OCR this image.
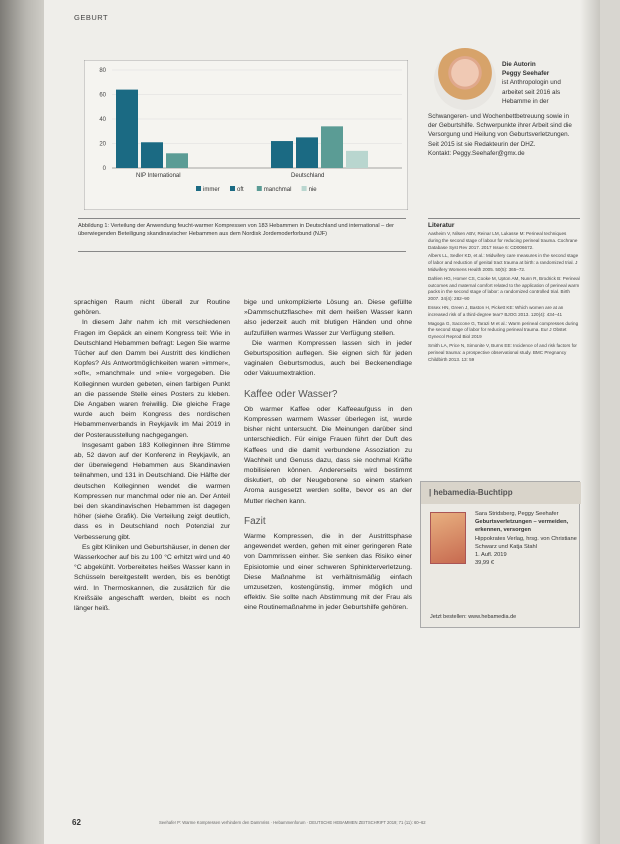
GEBURT
0
20
40
60
80
NIP International	Deutschland
immer	oft	manchmal	nie
Abbildung 1: Verteilung der Anwendung feucht-warmer Kompressen von 183 Hebammen in Deutschland und international – der überwiegenden Beteiligung skandinavischer Hebammen aus dem Nordisk Jordemoderforbund (NJF)
Die Autorin
Peggy Seehafer
ist Anthropologin und arbeitet seit 2016 als Hebamme in der
Schwangeren- und Wochenbettbetreuung sowie in der Geburtshilfe. Schwerpunkte ihrer Arbeit sind die Versorgung und Heilung von Geburtsverletzungen. Seit 2015 ist sie Redakteurin der DHZ.
Kontakt: Peggy.Seehafer@gmx.de
Literatur

Aasheim V, Nilsen ABV, Reinar LM, Lukasse M: Perineal techniques during the second stage of labour for reducing perineal trauma. Cochrane Database Syst Rev 2017. 2017 Issue 6: CD006672.

Albers LL, Sedler KD, et al.: Midwifery care measures in the second stage of labor and reduction of genital tract trauma at birth: a randomized trial. J Midwifery Womens Health 2005. 50(5): 365–72.

Dahlen HG, Homer CS, Cooke M, Upton AM, Nunn R, Brodrick B: Perineal outcomes and maternal comfort related to the application of perineal warm packs in the second stage of labor: a randomized controlled trial. Birth 2007. 34(4): 282–90

Essex HN, Green J, Baston H, Pickett KE: Which women are at an increased risk of a third-degree tear? BJOG 2013. 120(4): 434–41

Magoga G, Saccone G, Tarazi M et al.: Warm perineal compresses during the second stage of labor for reducing perineal trauma. Eur J Obstet Gynecol Reprod Biol 2019

Smith LA, Price N, Simonite V, Burns EE: Incidence of and risk factors for perineal trauma: a prospective observational study. BMC Pregnancy Childbirth 2013. 13: 59

| hebamedia-Buchtipp
Sara Stridsberg, Peggy Seehafer
Geburtsverletzungen – vermeiden, erkennen, versorgen
Hippokrates Verlag, hrsg. von Christiane Schwarz und Katja Stahl
1. Aufl. 2019
39,99 €
Jetzt bestellen: www.hebamedia.de

sprachigen Raum nicht überall zur Routine gehören.

In diesem Jahr nahm ich mit verschiedenen Fragen im Gepäck an einem Kongress teil: Wie in Deutschland Hebammen befragt: Legen Sie warme Tücher auf den Damm bei Austritt des kindlichen Kopfes? Als Antwortmöglichkeiten waren »immer«, »oft«, »manchmal« und »nie« vorgegeben. Die Kolleginnen wurden gebeten, einen farbigen Punkt an die passende Stelle eines Posters zu kleben. Die Angaben waren freiwillig. Die gleiche Frage wurde auch beim Kongress des nordischen Hebammenverbands in Reykjavík im Mai 2019 in der Posterausstellung nachgegangen.

Insgesamt gaben 183 Kolleginnen ihre Stimme ab, 52 davon auf der Konferenz in Reykjavík, an der überwiegend Hebammen aus Skandinavien teilnahmen, und 131 in Deutschland. Die Hälfte der deutschen Kolleginnen wendet die warmen Kompressen nur manchmal oder nie an. Der Anteil bei den skandinavischen Hebammen ist dagegen höher (siehe Grafik). Die Verteilung zeigt deutlich, dass es in Deutschland noch Potenzial zur Verbesserung gibt.

Es gibt Kliniken und Geburtshäuser, in denen der Wasserkocher auf bis zu 100 °C erhitzt wird und 40 °C abgekühlt. Vorbereitetes heißes Wasser kann in Schüsseln bereitgestellt werden, bis es benötigt wird. In Thermoskannen, die zusätzlich für die Kreißsäle angeschafft werden, bleibt es noch länger heiß.

bige und unkomplizierte Lösung an. Diese gefüllte »Dammschutzflasche« mit dem heißen Wasser kann also jederzeit auch mit blutigen Händen und ohne aufzufüllen warmes Wasser zur Verfügung stellen.

Die warmen Kompressen lassen sich in jeder Geburtsposition auflegen. Sie eignen sich für jeden vaginalen Geburtsmodus, auch bei Beckenendlage oder Vakuumextraktion.

Kaffee oder Wasser?

Ob warmer Kaffee oder Kaffeeaufguss in den Kompressen warmem Wasser überlegen ist, wurde bisher nicht untersucht. Die Meinungen darüber sind unterschiedlich. Für einige Frauen führt der Duft des Kaffees und die damit verbundene Assoziation zu Wachheit und Genuss dazu, dass sie nochmal Kräfte mobilisieren können. Andererseits wird bestimmt diskutiert, ob der Neugeborene so einem starken Aroma ausgesetzt werden sollte, bevor es an der Mutter riechen kann.

Fazit

Warme Kompressen, die in der Austrittsphase angewendet werden, gehen mit einer geringeren Rate von Dammrissen einher. Sie senken das Risiko einer Episiotomie und einer schweren Sphinkterverletzung. Diese Maßnahme ist verhältnismäßig einfach umzusetzen, kostengünstig, immer möglich und effektiv. Sie sollte nach Abstimmung mit der Frau als eine Routinemaßnahme in jeder Geburtshilfe gehören.

62	Seehafer P: Warme Kompressen verhindern den Dammriss · Hebammenforum · DEUTSCHE HEBAMMEN ZEITSCHRIFT 2019; 71 (11): 60–62
